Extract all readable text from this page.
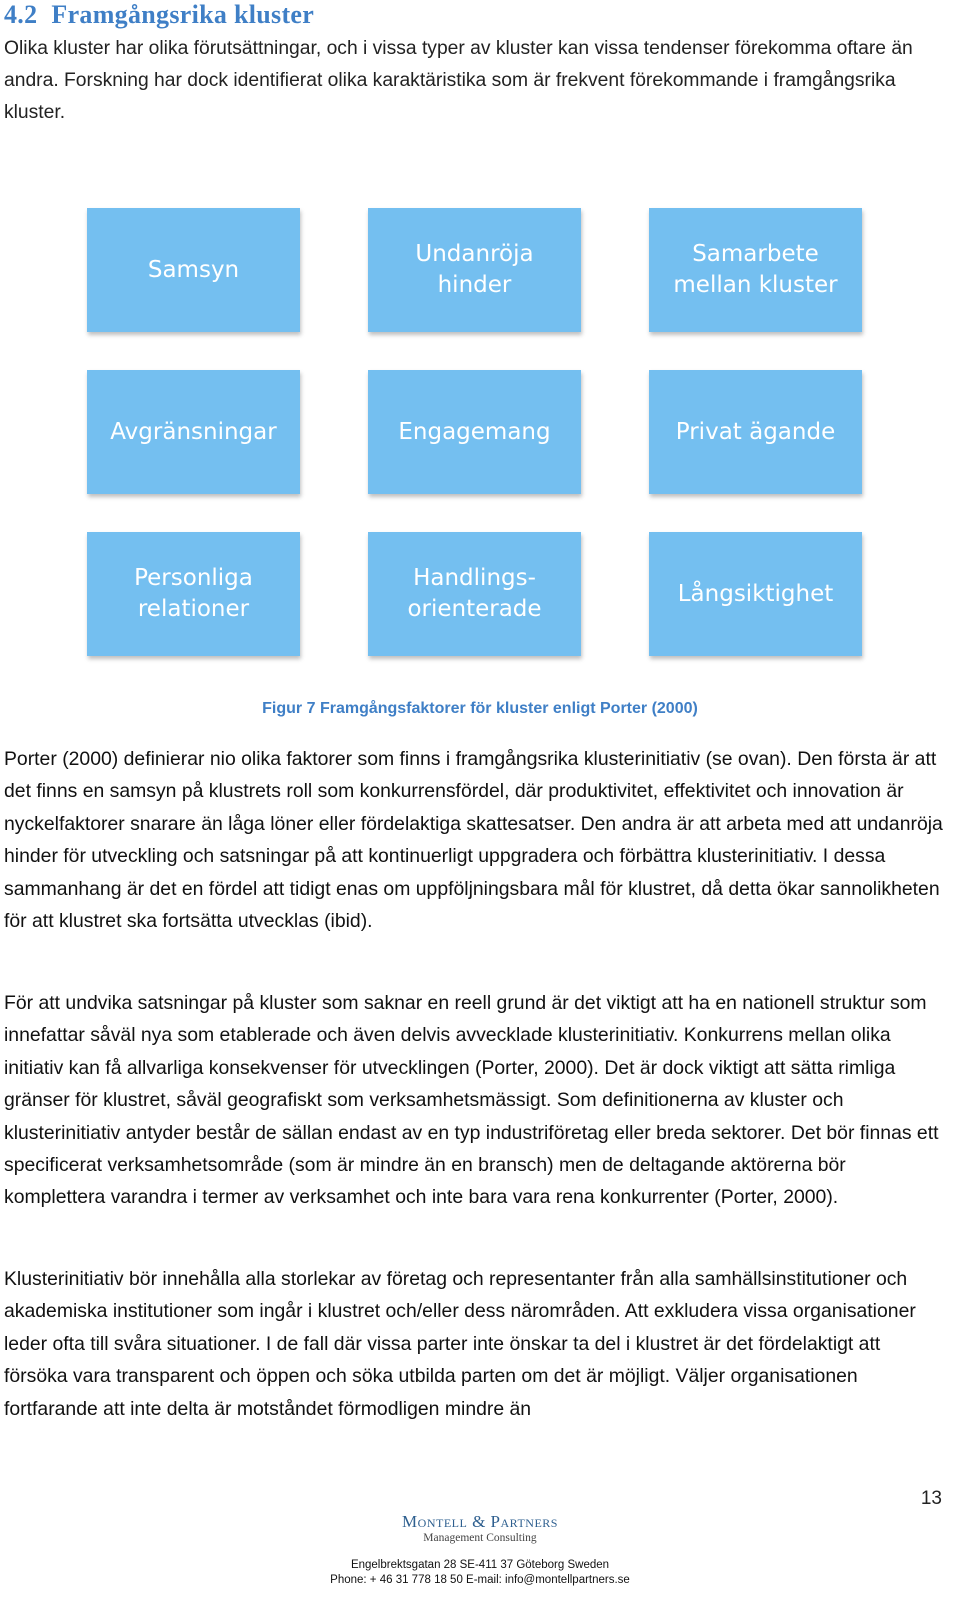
4.2 Framgångsrika kluster

Olika kluster har olika förutsättningar, och i vissa typer av kluster kan vissa tendenser förekomma oftare än andra. Forskning har dock identifierat olika karaktäristika som är frekvent förekommande i framgångsrika kluster.

Samsyn
Undanröja
hinder
Samarbete
mellan kluster
Avgränsningar	Engagemang	Privat ägande
Personliga
relationer
Handlings-
orienterade
Långsiktighet

Figur 7 Framgångsfaktorer för kluster enligt Porter (2000)

Porter (2000) definierar nio olika faktorer som finns i framgångsrika klusterinitiativ (se ovan). Den första är att det finns en samsyn på klustrets roll som konkurrensfördel, där produktivitet, effektivitet och innovation är nyckelfaktorer snarare än låga löner eller fördelaktiga skattesatser. Den andra är att arbeta med att undanröja hinder för utveckling och satsningar på att kontinuerligt uppgradera och förbättra klusterinitiativ. I dessa sammanhang är det en fördel att tidigt enas om uppföljningsbara mål för klustret, då detta ökar sannolikheten för att klustret ska fortsätta utvecklas (ibid).

För att undvika satsningar på kluster som saknar en reell grund är det viktigt att ha en nationell struktur som innefattar såväl nya som etablerade och även delvis avvecklade klusterinitiativ. Konkurrens mellan olika initiativ kan få allvarliga konsekvenser för utvecklingen (Porter, 2000). Det är dock viktigt att sätta rimliga gränser för klustret, såväl geografiskt som verksamhetsmässigt. Som definitionerna av kluster och klusterinitiativ antyder består de sällan endast av en typ industriföretag eller breda sektorer. Det bör finnas ett specificerat verksamhetsområde (som är mindre än en bransch) men de deltagande aktörerna bör komplettera varandra i termer av verksamhet och inte bara vara rena konkurrenter (Porter, 2000).

Klusterinitiativ bör innehålla alla storlekar av företag och representanter från alla samhällsinstitutioner och akademiska institutioner som ingår i klustret och/eller dess närområden. Att exkludera vissa organisationer leder ofta till svåra situationer. I de fall där vissa parter inte önskar ta del i klustret är det fördelaktigt att försöka vara transparent och öppen och söka utbilda parten om det är möjligt. Väljer organisationen fortfarande att inte delta är motståndet förmodligen mindre än

13
Montell & Partners
Management Consulting
Engelbrektsgatan 28 SE-411 37 Göteborg Sweden
Phone: + 46 31 778 18 50 E-mail: info@montellpartners.se
